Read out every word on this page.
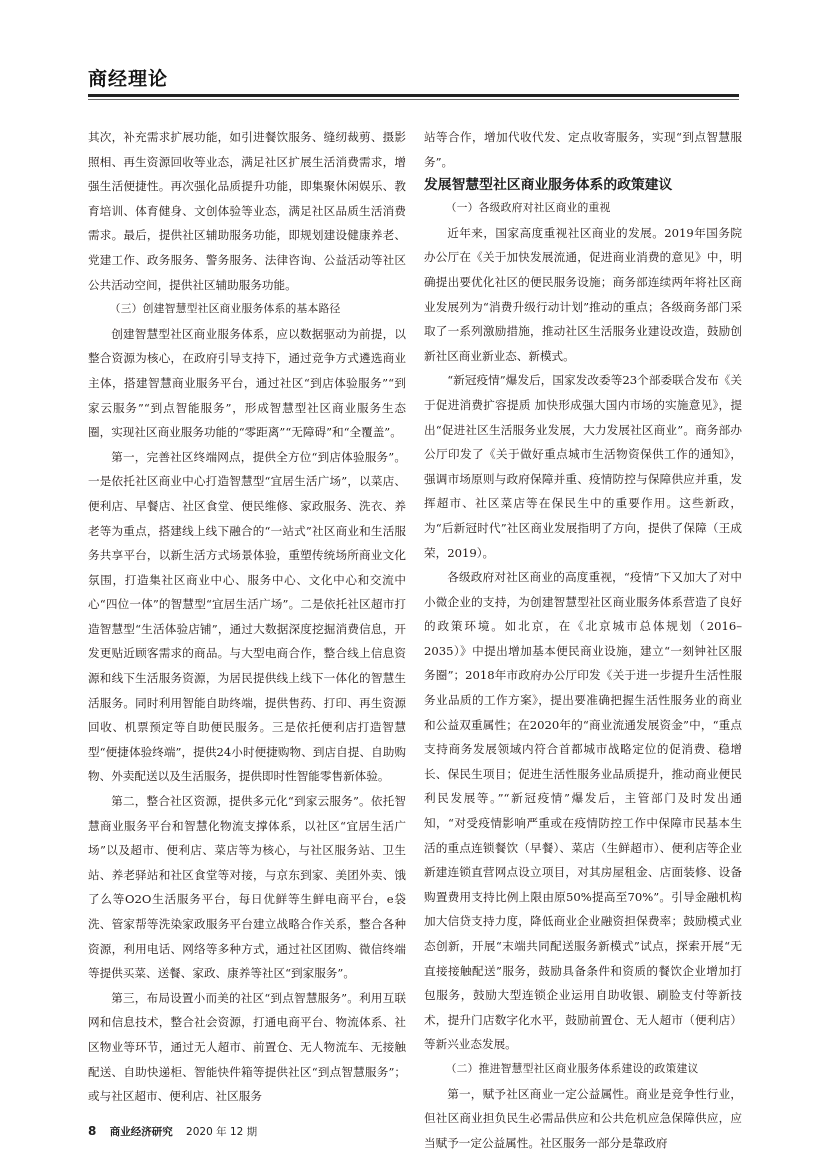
商经理论

其次，补充需求扩展功能，如引进餐饮服务、缝纫裁剪、摄影照相、再生资源回收等业态，满足社区扩展生活消费需求，增强生活便捷性。再次强化品质提升功能，即集聚休闲娱乐、教育培训、体育健身、文创体验等业态，满足社区品质生活消费需求。最后，提供社区辅助服务功能，即规划建设健康养老、党建工作、政务服务、警务服务、法律咨询、公益活动等社区公共活动空间，提供社区辅助服务功能。

（三）创建智慧型社区商业服务体系的基本路径

创建智慧型社区商业服务体系，应以数据驱动为前提，以整合资源为核心，在政府引导支持下，通过竞争方式遴选商业主体，搭建智慧商业服务平台，通过社区“到店体验服务”“到家云服务”“到点智能服务”，形成智慧型社区商业服务生态圈，实现社区商业服务功能的“零距离”“无障碍”和“全覆盖”。

第一，完善社区终端网点，提供全方位“到店体验服务”。一是依托社区商业中心打造智慧型“宜居生活广场”，以菜店、便利店、早餐店、社区食堂、便民维修、家政服务、洗衣、养老等为重点，搭建线上线下融合的“一站式”社区商业和生活服务共享平台，以新生活方式场景体验，重塑传统场所商业文化氛围，打造集社区商业中心、服务中心、文化中心和交流中心“四位一体”的智慧型“宜居生活广场”。二是依托社区超市打造智慧型“生活体验店铺”，通过大数据深度挖掘消费信息，开发更贴近顾客需求的商品。与大型电商合作，整合线上信息资源和线下生活服务资源，为居民提供线上线下一体化的智慧生活服务。同时利用智能自助终端，提供售药、打印、再生资源回收、机票预定等自助便民服务。三是依托便利店打造智慧型“便捷体验终端”，提供24小时便捷购物、到店自提、自助购物、外卖配送以及生活服务，提供即时性智能零售新体验。

第二，整合社区资源，提供多元化“到家云服务”。依托智慧商业服务平台和智慧化物流支撑体系，以社区“宜居生活广场”以及超市、便利店、菜店等为核心，与社区服务站、卫生站、养老驿站和社区食堂等对接，与京东到家、美团外卖、饿了么等O2O生活服务平台，每日优鲜等生鲜电商平台，e袋洗、管家帮等洗染家政服务平台建立战略合作关系，整合各种资源，利用电话、网络等多种方式，通过社区团购、微信终端等提供买菜、送餐、家政、康养等社区“到家服务”。

第三，布局设置小而美的社区“到点智慧服务”。利用互联网和信息技术，整合社会资源，打通电商平台、物流体系、社区物业等环节，通过无人超市、前置仓、无人物流车、无接触配送、自助快递柜、智能快件箱等提供社区“到点智慧服务”；或与社区超市、便利店、社区服务

站等合作，增加代收代发、定点收寄服务，实现“到点智慧服务”。

发展智慧型社区商业服务体系的政策建议

（一）各级政府对社区商业的重视

近年来，国家高度重视社区商业的发展。2019年国务院办公厅在《关于加快发展流通，促进商业消费的意见》中，明确提出要优化社区的便民服务设施；商务部连续两年将社区商业发展列为“消费升级行动计划”推动的重点；各级商务部门采取了一系列激励措施，推动社区生活服务业建设改造，鼓励创新社区商业新业态、新模式。

“新冠疫情”爆发后，国家发改委等23个部委联合发布《关于促进消费扩容提质 加快形成强大国内市场的实施意见》，提出“促进社区生活服务业发展，大力发展社区商业”。商务部办公厅印发了《关于做好重点城市生活物资保供工作的通知》，强调市场原则与政府保障并重、疫情防控与保障供应并重，发挥超市、社区菜店等在保民生中的重要作用。这些新政，为“后新冠时代”社区商业发展指明了方向，提供了保障（王成荣，2019）。

各级政府对社区商业的高度重视，“疫情”下又加大了对中小微企业的支持，为创建智慧型社区商业服务体系营造了良好的政策环境。如北京，在《北京城市总体规划（2016–2035）》中提出增加基本便民商业设施，建立“一刻钟社区服务圈”；2018年市政府办公厅印发《关于进一步提升生活性服务业品质的工作方案》，提出要准确把握生活性服务业的商业和公益双重属性；在2020年的“商业流通发展资金”中，“重点支持商务发展领域内符合首都城市战略定位的促消费、稳增长、保民生项目；促进生活性服务业品质提升，推动商业便民利民发展等。”“新冠疫情”爆发后，主管部门及时发出通知，“对受疫情影响严重或在疫情防控工作中保障市民基本生活的重点连锁餐饮（早餐）、菜店（生鲜超市）、便利店等企业新建连锁直营网点设立项目，对其房屋租金、店面装修、设备购置费用支持比例上限由原50%提高至70%”。引导金融机构加大信贷支持力度，降低商业企业融资担保费率；鼓励模式业态创新，开展“末端共同配送服务新模式”试点，探索开展“无直接接触配送”服务，鼓励具备条件和资质的餐饮企业增加打包服务，鼓励大型连锁企业运用自助收银、刷脸支付等新技术，提升门店数字化水平，鼓励前置仓、无人超市（便利店）等新兴业态发展。

（二）推进智慧型社区商业服务体系建设的政策建议

第一，赋予社区商业一定公益属性。商业是竞争性行业，但社区商业担负民生必需品供应和公共危机应急保障供应，应当赋予一定公益属性。社区服务一部分是靠政府

8 商业经济研究 2020 年 12 期
